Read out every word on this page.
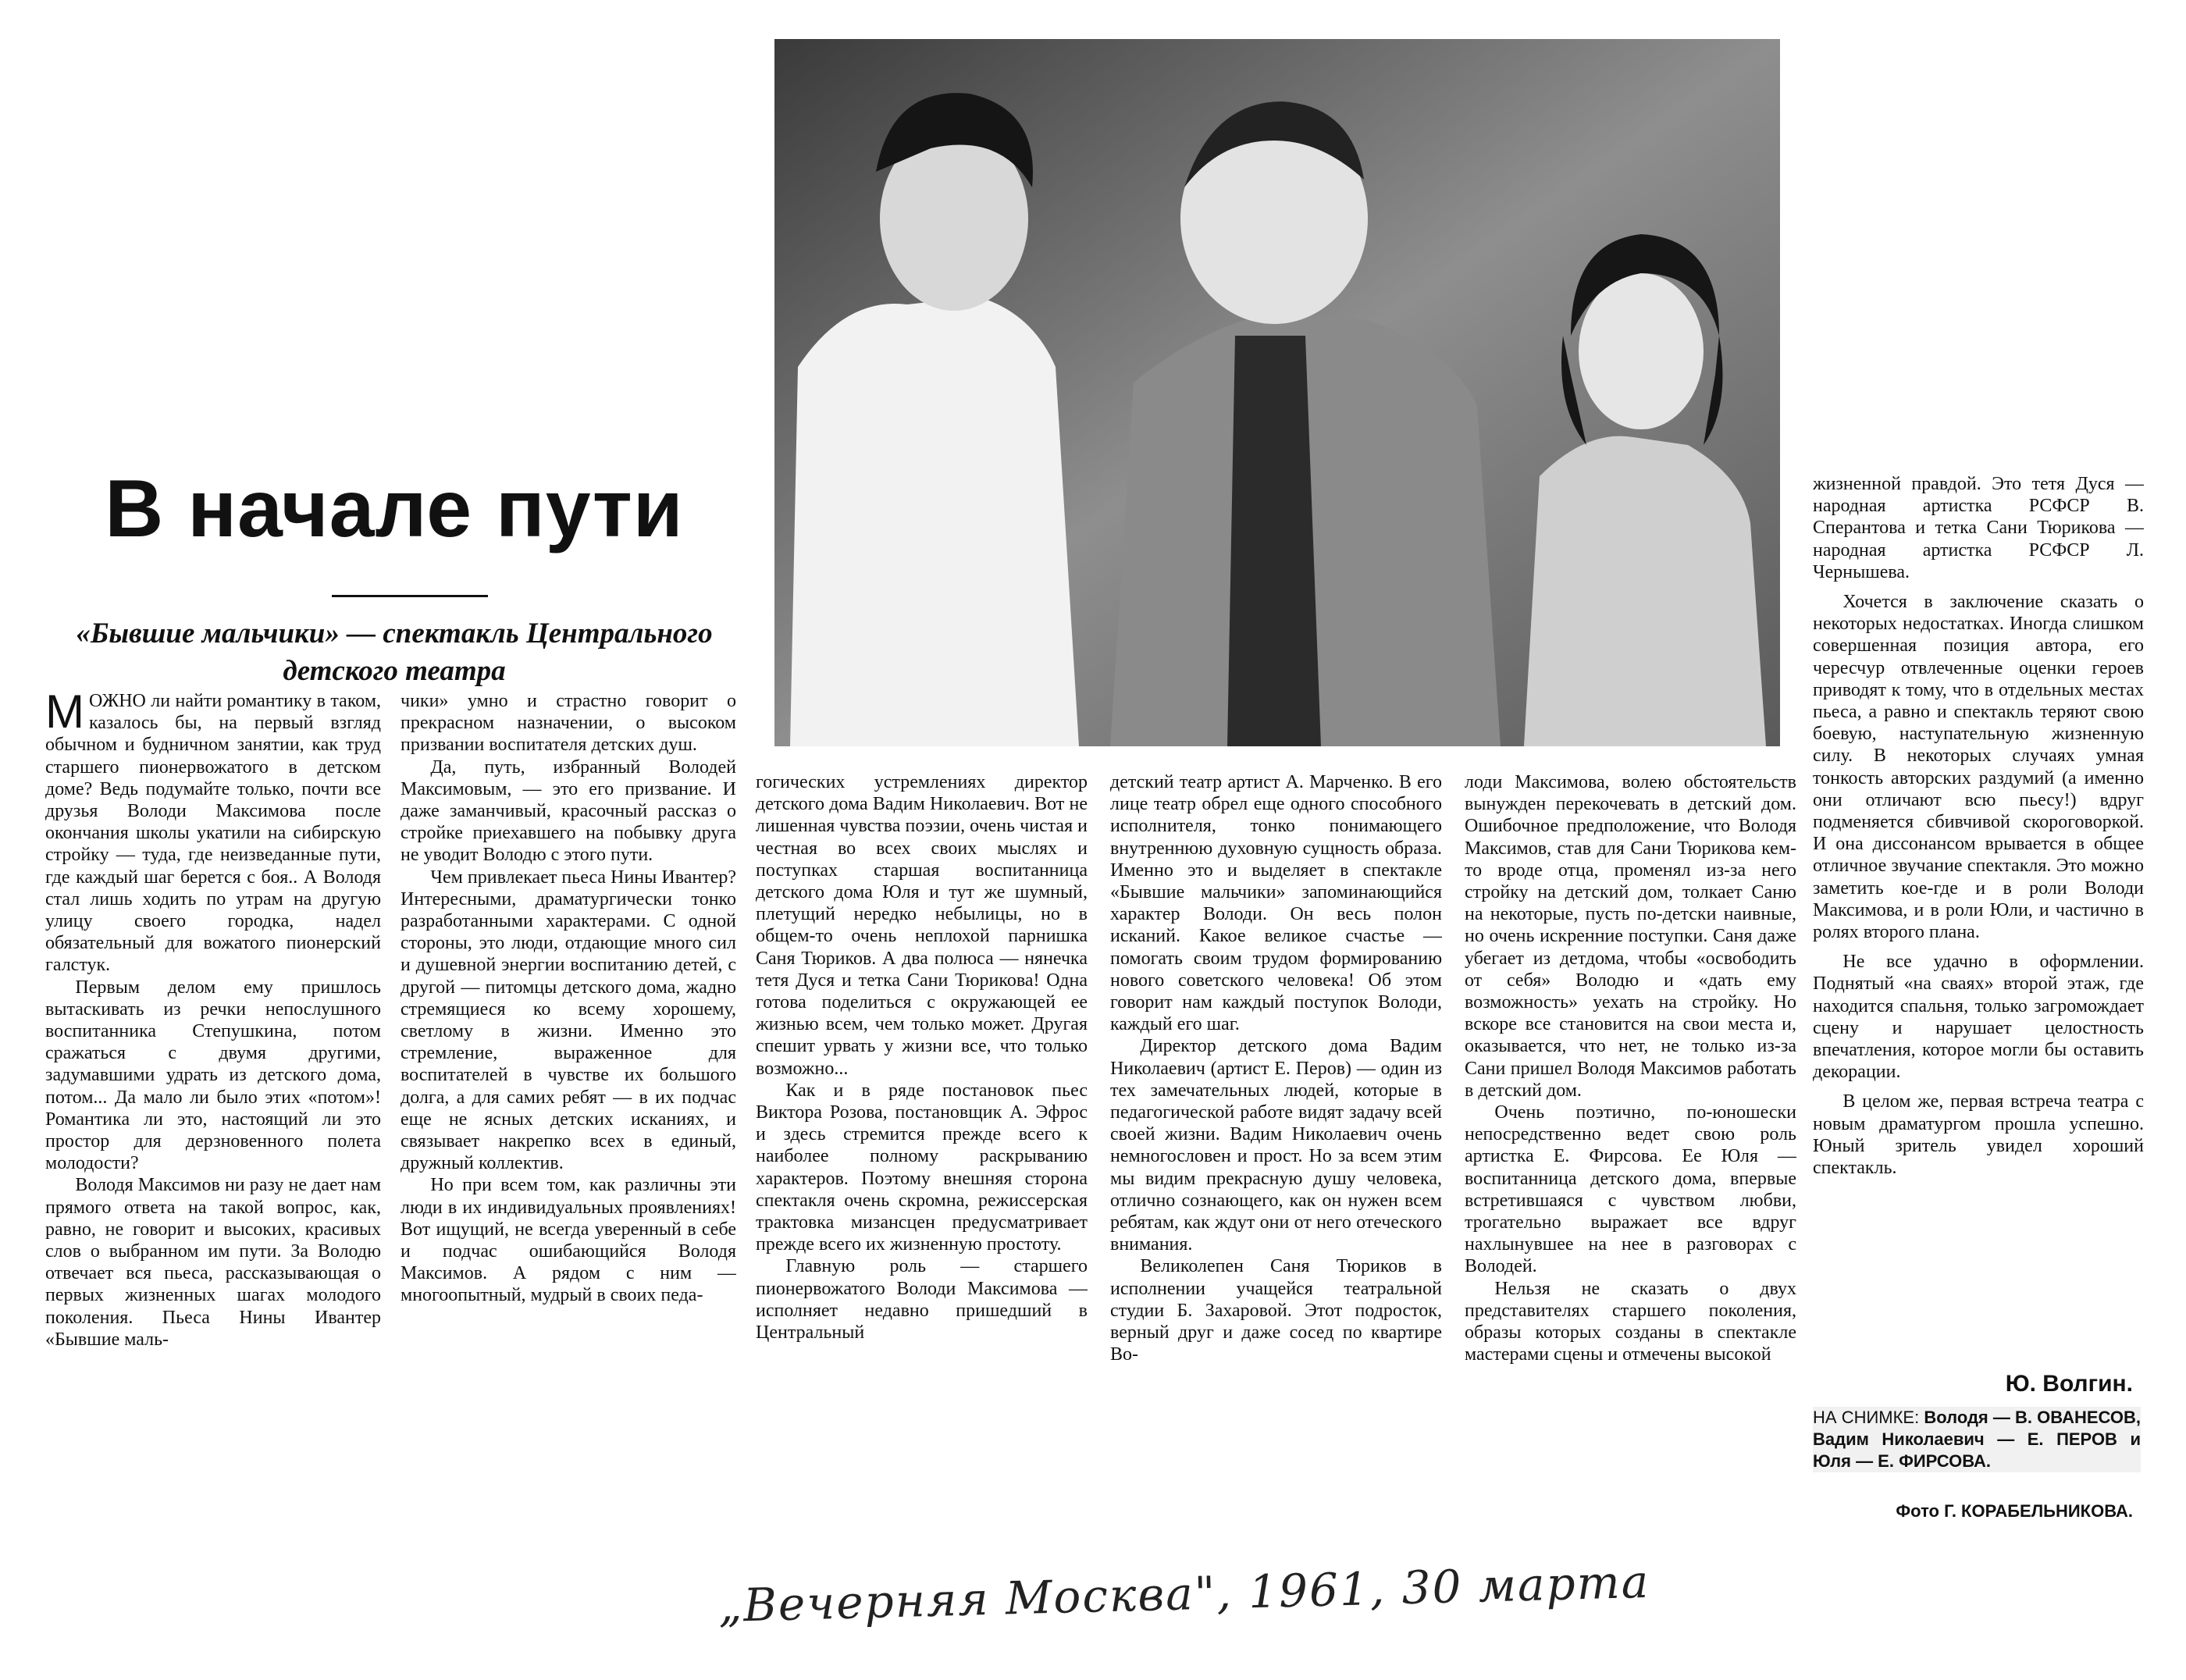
В начале пути
«Бывшие мальчики» — спектакль Центрального детского театра

МОЖНО ли найти романтику в таком, казалось бы, на первый взгляд обычном и будничном занятии, как труд старшего пионервожатого в детском доме? Ведь подумайте только, почти все друзья Володи Максимова после окончания школы укатили на сибирскую стройку — туда, где неизведанные пути, где каждый шаг берется с боя.. А Володя стал лишь ходить по утрам на другую улицу своего городка, надел обязательный для вожатого пионерский галстук.

Первым делом ему пришлось вытаскивать из речки непослушного воспитанника Степушкина, потом сражаться с двумя другими, задумавшими удрать из детского дома, потом... Да мало ли было этих «потом»! Романтика ли это, настоящий ли это простор для дерзновенного полета молодости?

Володя Максимов ни разу не дает нам прямого ответа на такой вопрос, как, равно, не говорит и высоких, красивых слов о выбранном им пути. За Володю отвечает вся пьеса, рассказывающая о первых жизненных шагах молодого поколения. Пьеса Нины Ивантер «Бывшие маль-

чики» умно и страстно говорит о прекрасном назначении, о высоком призвании воспитателя детских душ.

Да, путь, избранный Володей Максимовым, — это его призвание. И даже заманчивый, красочный рассказ о стройке приехавшего на побывку друга не уводит Володю с этого пути.

Чем привлекает пьеса Нины Ивантер? Интересными, драматургически тонко разработанными характерами. С одной стороны, это люди, отдающие много сил и душевной энергии воспитанию детей, с другой — питомцы детского дома, жадно стремящиеся ко всему хорошему, светлому в жизни. Именно это стремление, выраженное для воспитателей в чувстве их большого долга, а для самих ребят — в их подчас еще не ясных детских исканиях, и связывает накрепко всех в единый, дружный коллектив.

Но при всем том, как различны эти люди в их индивидуальных проявлениях! Вот ищущий, не всегда уверенный в себе и подчас ошибающийся Володя Максимов. А рядом с ним — многоопытный, мудрый в своих педа-

гогических устремлениях директор детского дома Вадим Николаевич. Вот не лишенная чувства поэзии, очень чистая и честная во всех своих мыслях и поступках старшая воспитанница детского дома Юля и тут же шумный, плетущий нередко небылицы, но в общем-то очень неплохой парнишка Саня Тюриков. А два полюса — нянечка тетя Дуся и тетка Сани Тюрикова! Одна готова поделиться с окружающей ее жизнью всем, чем только может. Другая спешит урвать у жизни все, что только возможно...

Как и в ряде постановок пьес Виктора Розова, постановщик А. Эфрос и здесь стремится прежде всего к наиболее полному раскрыванию характеров. Поэтому внешняя сторона спектакля очень скромна, режиссерская трактовка мизансцен предусматривает прежде всего их жизненную простоту.

Главную роль — старшего пионервожатого Володи Максимова — исполняет недавно пришедший в Центральный

детский театр артист А. Марченко. В его лице театр обрел еще одного способного исполнителя, тонко понимающего внутреннюю духовную сущность образа. Именно это и выделяет в спектакле «Бывшие мальчики» запоминающийся характер Володи. Он весь полон исканий. Какое великое счастье — помогать своим трудом формированию нового советского человека! Об этом говорит нам каждый поступок Володи, каждый его шаг.

Директор детского дома Вадим Николаевич (артист Е. Перов) — один из тех замечательных людей, которые в педагогической работе видят задачу всей своей жизни. Вадим Николаевич очень немногословен и прост. Но за всем этим мы видим прекрасную душу человека, отлично сознающего, как он нужен всем ребятам, как ждут они от него отеческого внимания.

Великолепен Саня Тюриков в исполнении учащейся театральной студии Б. Захаровой. Этот подросток, верный друг и даже сосед по квартире Во-

лоди Максимова, волею обстоятельств вынужден перекочевать в детский дом. Ошибочное предположение, что Володя Максимов, став для Сани Тюрикова кем-то вроде отца, променял из-за него стройку на детский дом, толкает Саню на некоторые, пусть по-детски наивные, но очень искренние поступки. Саня даже убегает из детдома, чтобы «освободить от себя» Володю и «дать ему возможность» уехать на стройку. Но вскоре все становится на свои места и, оказывается, что нет, не только из-за Сани пришел Володя Максимов работать в детский дом.

Очень поэтично, по-юношески непосредственно ведет свою роль артистка Е. Фирсова. Ее Юля — воспитанница детского дома, впервые встретившаяся с чувством любви, трогательно выражает все вдруг нахлынувшее на нее в разговорах с Володей.

Нельзя не сказать о двух представителях старшего поколения, образы которых созданы в спектакле мастерами сцены и отмечены высокой

жизненной правдой. Это тетя Дуся — народная артистка РСФСР В. Сперантова и тетка Сани Тюрикова — народная артистка РСФСР Л. Чернышева.

Хочется в заключение сказать о некоторых недостатках. Иногда слишком совершенная позиция автора, его чересчур отвлеченные оценки героев приводят к тому, что в отдельных местах пьеса, а равно и спектакль теряют свою боевую, наступательную жизненную силу. В некоторых случаях умная тонкость авторских раздумий (а именно они отличают всю пьесу!) вдруг подменяется сбивчивой скороговоркой. И она диссонансом врывается в общее отличное звучание спектакля. Это можно заметить кое-где и в роли Володи Максимова, и в роли Юли, и частично в ролях второго плана.

Не все удачно в оформлении. Поднятый «на сваях» второй этаж, где находится спальня, только загромождает сцену и нарушает целостность впечатления, которое могли бы оставить декорации.

В целом же, первая встреча театра с новым драматургом прошла успешно. Юный зритель увидел хороший спектакль.

Ю. Волгин.
НА СНИМКЕ: Володя — В. ОВАНЕСОВ, Вадим Николаевич — Е. ПЕРОВ и Юля — Е. ФИРСОВА.
Фото Г. КОРАБЕЛЬНИКОВА.
„Вечерняя Москва", 1961, 30 марта
